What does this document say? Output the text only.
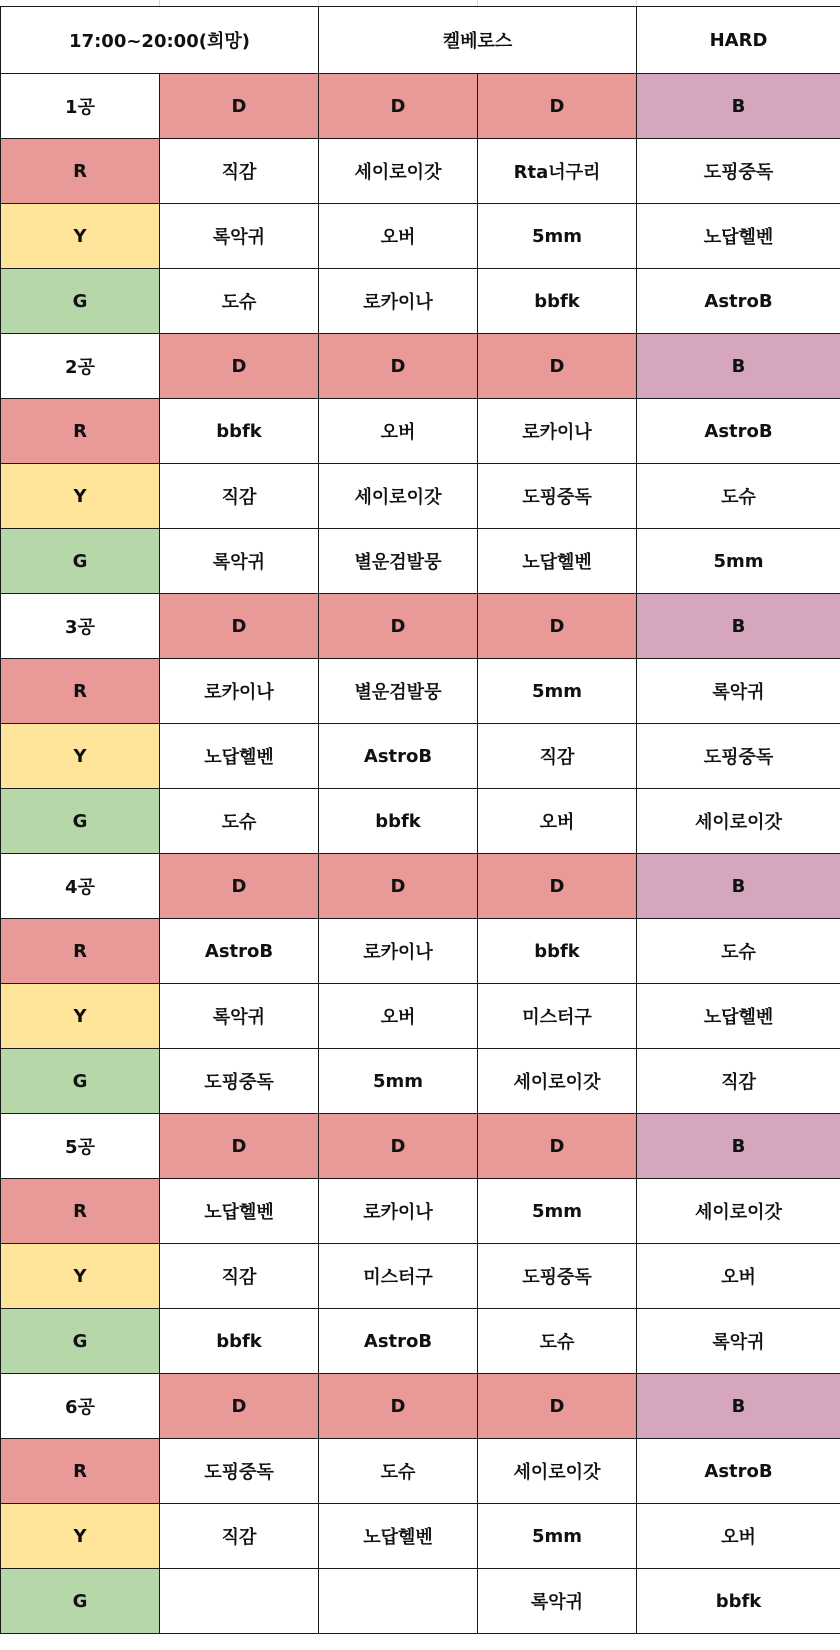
17:00~20:00(희망)		켈베로스		HARD
1공	D	D	D	B
R	직감	세이로이갓	Rta너구리	도핑중독
Y	록악귀	오버	5mm	노답헬벤
G	도슈	로카이나	bbfk	AstroB
2공	D	D	D	B
R	bbfk	오버	로카이나	AstroB
Y	직감	세이로이갓	도핑중독	도슈
G	록악귀	별운검발뭉	노답헬벤	5mm
3공	D	D	D	B
R	로카이나	별운검발뭉	5mm	록악귀
Y	노답헬벤	AstroB	직감	도핑중독
G	도슈	bbfk	오버	세이로이갓
4공	D	D	D	B
R	AstroB	로카이나	bbfk	도슈
Y	록악귀	오버	미스터구	노답헬벤
G	도핑중독	5mm	세이로이갓	직감
5공	D	D	D	B
R	노답헬벤	로카이나	5mm	세이로이갓
Y	직감	미스터구	도핑중독	오버
G	bbfk	AstroB	도슈	록악귀
6공	D	D	D	B
R	도핑중독	도슈	세이로이갓	AstroB
Y	직감	노답헬벤	5mm	오버
G			록악귀	bbfk
